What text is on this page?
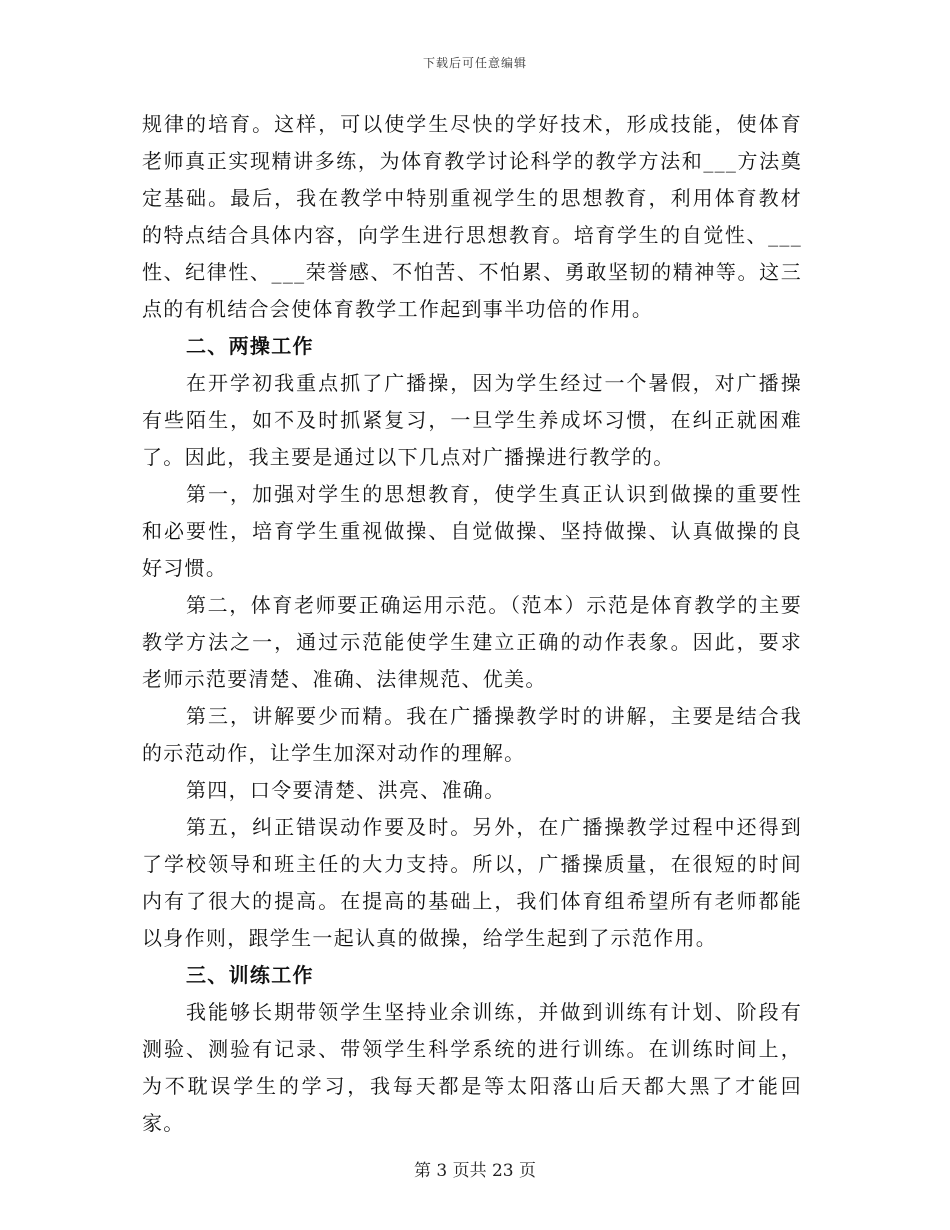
下载后可任意编辑

规律的培育。这样，可以使学生尽快的学好技术，形成技能，使体育老师真正实现精讲多练，为体育教学讨论科学的教学方法和___方法奠定基础。最后，我在教学中特别重视学生的思想教育，利用体育教材的特点结合具体内容，向学生进行思想教育。培育学生的自觉性、___性、纪律性、___荣誉感、不怕苦、不怕累、勇敢坚韧的精神等。这三点的有机结合会使体育教学工作起到事半功倍的作用。

二、两操工作

在开学初我重点抓了广播操，因为学生经过一个暑假，对广播操有些陌生，如不及时抓紧复习，一旦学生养成坏习惯，在纠正就困难了。因此，我主要是通过以下几点对广播操进行教学的。

第一，加强对学生的思想教育，使学生真正认识到做操的重要性和必要性，培育学生重视做操、自觉做操、坚持做操、认真做操的良好习惯。

第二，体育老师要正确运用示范。（范本）示范是体育教学的主要教学方法之一，通过示范能使学生建立正确的动作表象。因此，要求老师示范要清楚、准确、法律规范、优美。

第三，讲解要少而精。我在广播操教学时的讲解，主要是结合我的示范动作，让学生加深对动作的理解。

第四，口令要清楚、洪亮、准确。

第五，纠正错误动作要及时。另外，在广播操教学过程中还得到了学校领导和班主任的大力支持。所以，广播操质量，在很短的时间内有了很大的提高。在提高的基础上，我们体育组希望所有老师都能以身作则，跟学生一起认真的做操，给学生起到了示范作用。

三、训练工作

我能够长期带领学生坚持业余训练，并做到训练有计划、阶段有测验、测验有记录、带领学生科学系统的进行训练。在训练时间上，为不耽误学生的学习，我每天都是等太阳落山后天都大黑了才能回家。

第 3 页共 23 页
